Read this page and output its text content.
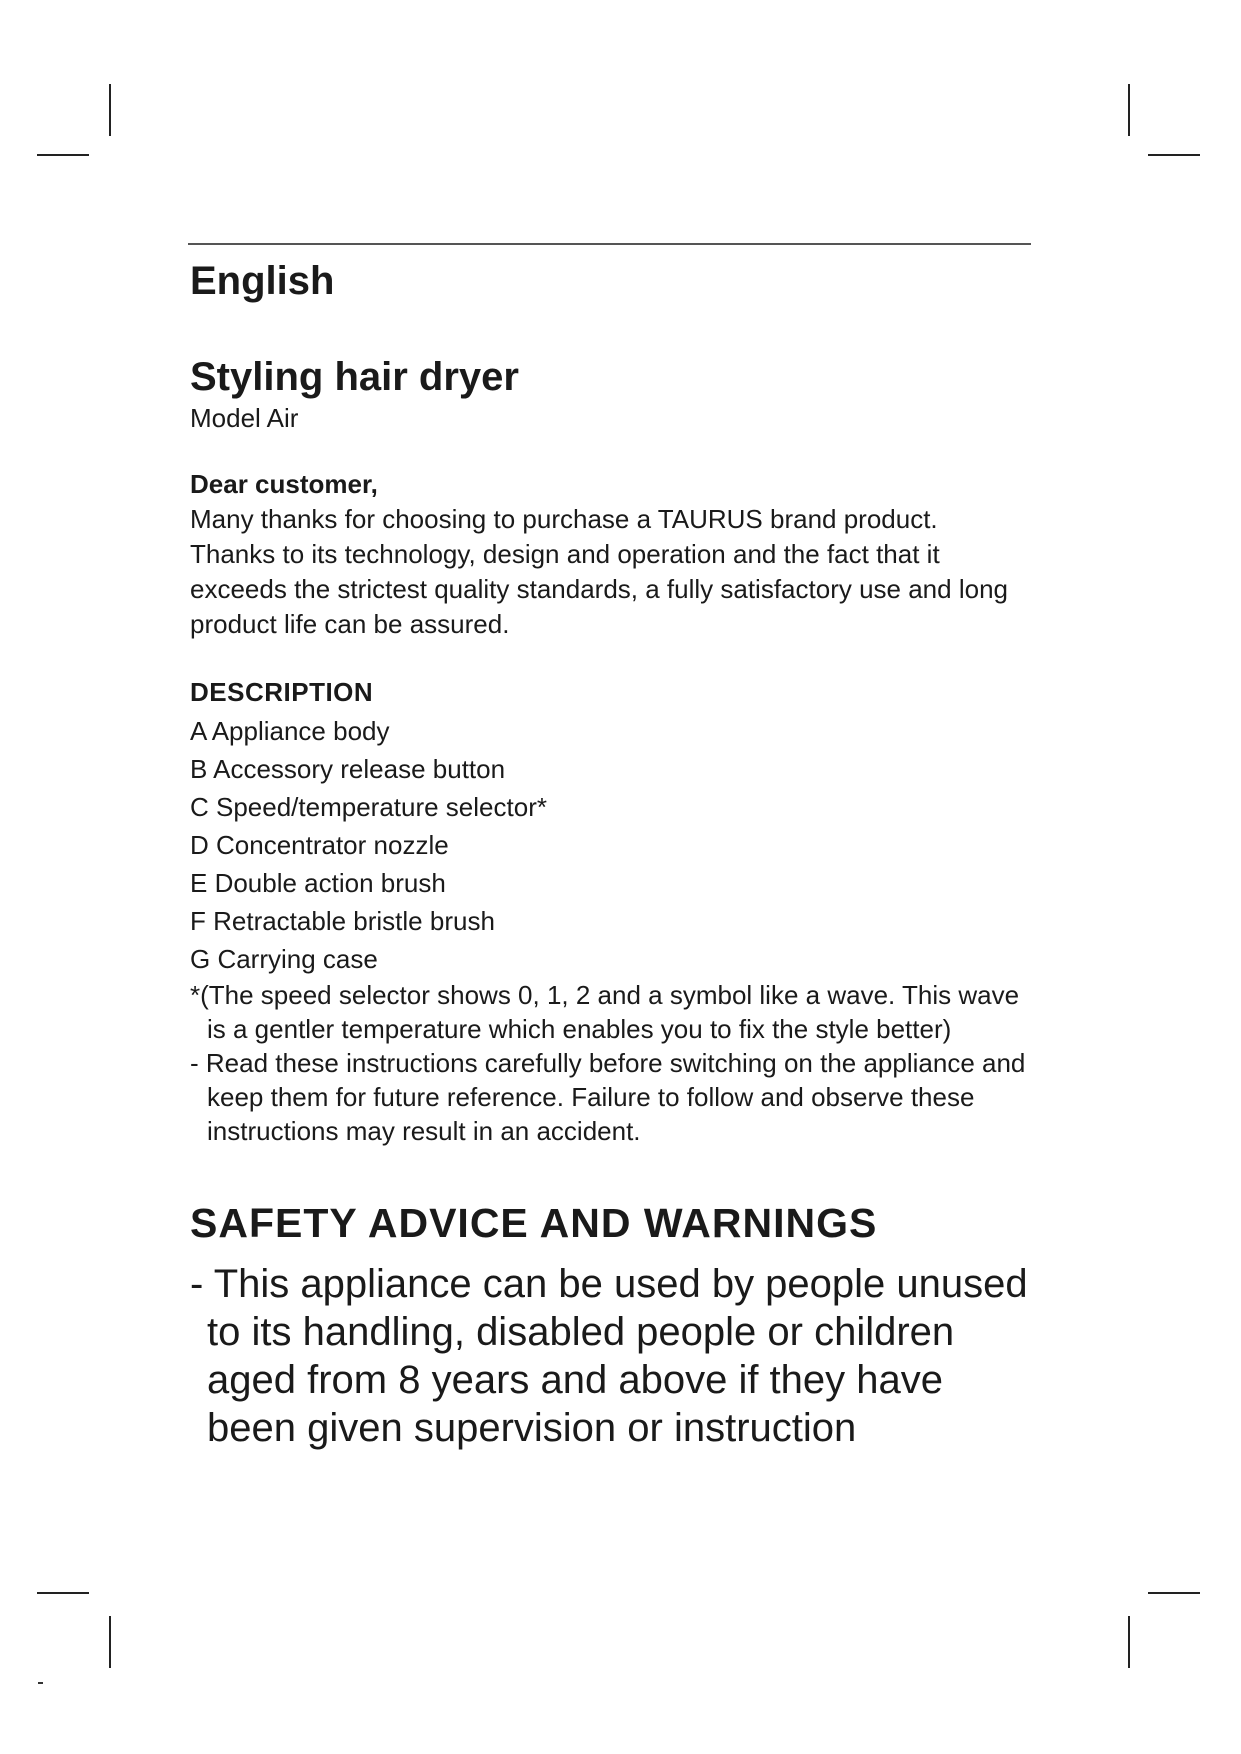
English
Styling hair dryer

Model Air

Dear customer,

Many thanks for choosing to purchase a TAURUS brand product.

Thanks to its technology, design and operation and the fact that it exceeds the strictest quality standards, a fully satisfactory use and long product life can be assured.

DESCRIPTION
A Appliance body
B Accessory release button
C Speed/temperature selector*
D Concentrator nozzle
E Double action brush
F Retractable bristle brush
G Carrying case

*(The speed selector shows 0, 1, 2 and a symbol like a wave. This wave is a gentler temperature which enables you to fix the style better)

- Read these instructions carefully before switching on the appliance and keep them for future reference. Failure to follow and observe these instructions may result in an accident.

SAFETY ADVICE AND WARNINGS

- This appliance can be used by people unused to its handling, disabled people or children aged from 8 years and above if they have been given supervision or instruction
